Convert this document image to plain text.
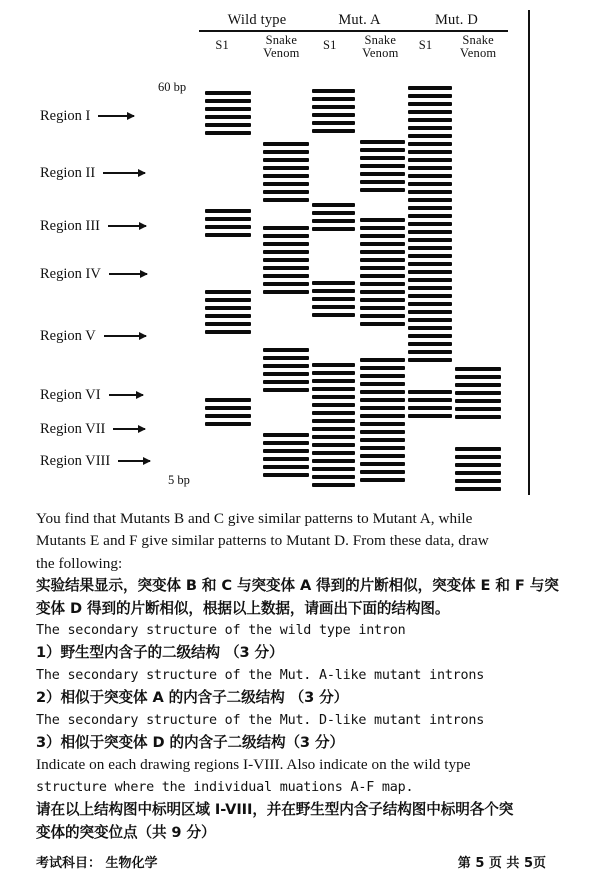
Wild type
S1	Snake
Venom
Mut. A
S1	Snake
Venom
Mut. D
S1	Snake
Venom
60 bp
5 bp
Region I
Region II
Region III
Region IV
Region V
Region VI
Region VII
Region VIII
You find that Mutants B and C give similar patterns to Mutant A, while
Mutants E and F give similar patterns to Mutant D. From these data, draw
the following:
实验结果显示，突变体 B 和 C 与突变体 A 得到的片断相似，突变体 E 和 F 与突
变体 D 得到的片断相似，根据以上数据，请画出下面的结构图。
The secondary structure of the wild type intron
1）野生型内含子的二级结构 （3 分）
The secondary structure of the Mut. A-like mutant introns
2）相似于突变体 A 的内含子二级结构 （3 分）
The secondary structure of the Mut. D-like mutant introns
3）相似于突变体 D 的内含子二级结构（3 分）
Indicate on each drawing regions I-VIII. Also indicate on the wild type
structure where the individual muations A-F map.
请在以上结构图中标明区域 I-VIII，并在野生型内含子结构图中标明各个突
变体的突变位点（共 9 分）
考试科目： 生物化学	第 5 页 共 5页
